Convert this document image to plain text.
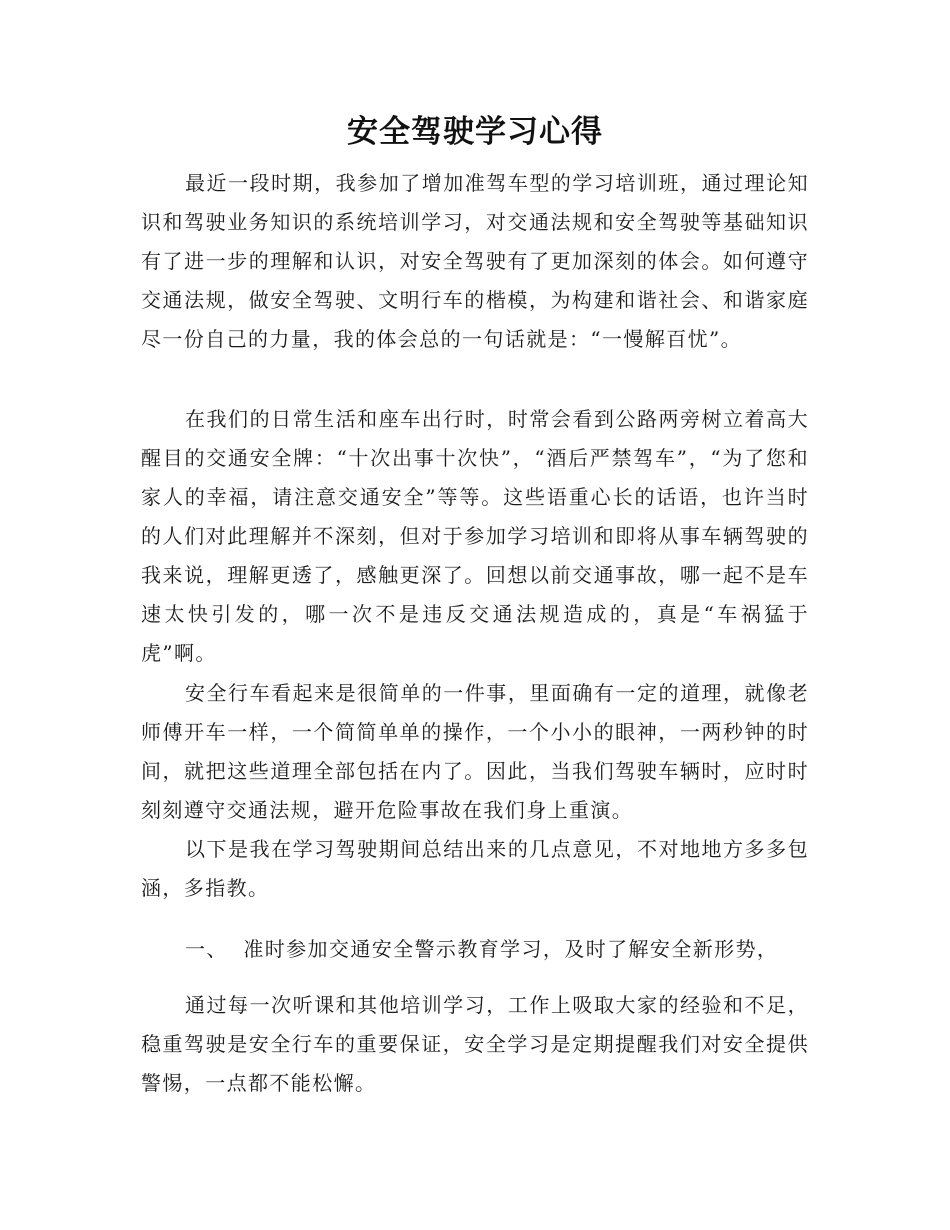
安全驾驶学习心得
最近一段时期，我参加了增加准驾车型的学习培训班，通过理论知识和驾驶业务知识的系统培训学习，对交通法规和安全驾驶等基础知识有了进一步的理解和认识，对安全驾驶有了更加深刻的体会。如何遵守交通法规，做安全驾驶、文明行车的楷模，为构建和谐社会、和谐家庭尽一份自己的力量，我的体会总的一句话就是：“一慢解百忧”。
在我们的日常生活和座车出行时，时常会看到公路两旁树立着高大醒目的交通安全牌：“十次出事十次快”，“酒后严禁驾车”，“为了您和家人的幸福，请注意交通安全”等等。这些语重心长的话语，也许当时的人们对此理解并不深刻，但对于参加学习培训和即将从事车辆驾驶的我来说，理解更透了，感触更深了。回想以前交通事故，哪一起不是车速太快引发的，哪一次不是违反交通法规造成的，真是“车祸猛于虎”啊。
安全行车看起来是很简单的一件事，里面确有一定的道理，就像老师傅开车一样，一个简简单单的操作，一个小小的眼神，一两秒钟的时间，就把这些道理全部包括在内了。因此，当我们驾驶车辆时，应时时刻刻遵守交通法规，避开危险事故在我们身上重演。
以下是我在学习驾驶期间总结出来的几点意见，不对地地方多多包涵，多指教。
一、  准时参加交通安全警示教育学习，及时了解安全新形势，
通过每一次听课和其他培训学习，工作上吸取大家的经验和不足，稳重驾驶是安全行车的重要保证，安全学习是定期提醒我们对安全提供警惕，一点都不能松懈。
